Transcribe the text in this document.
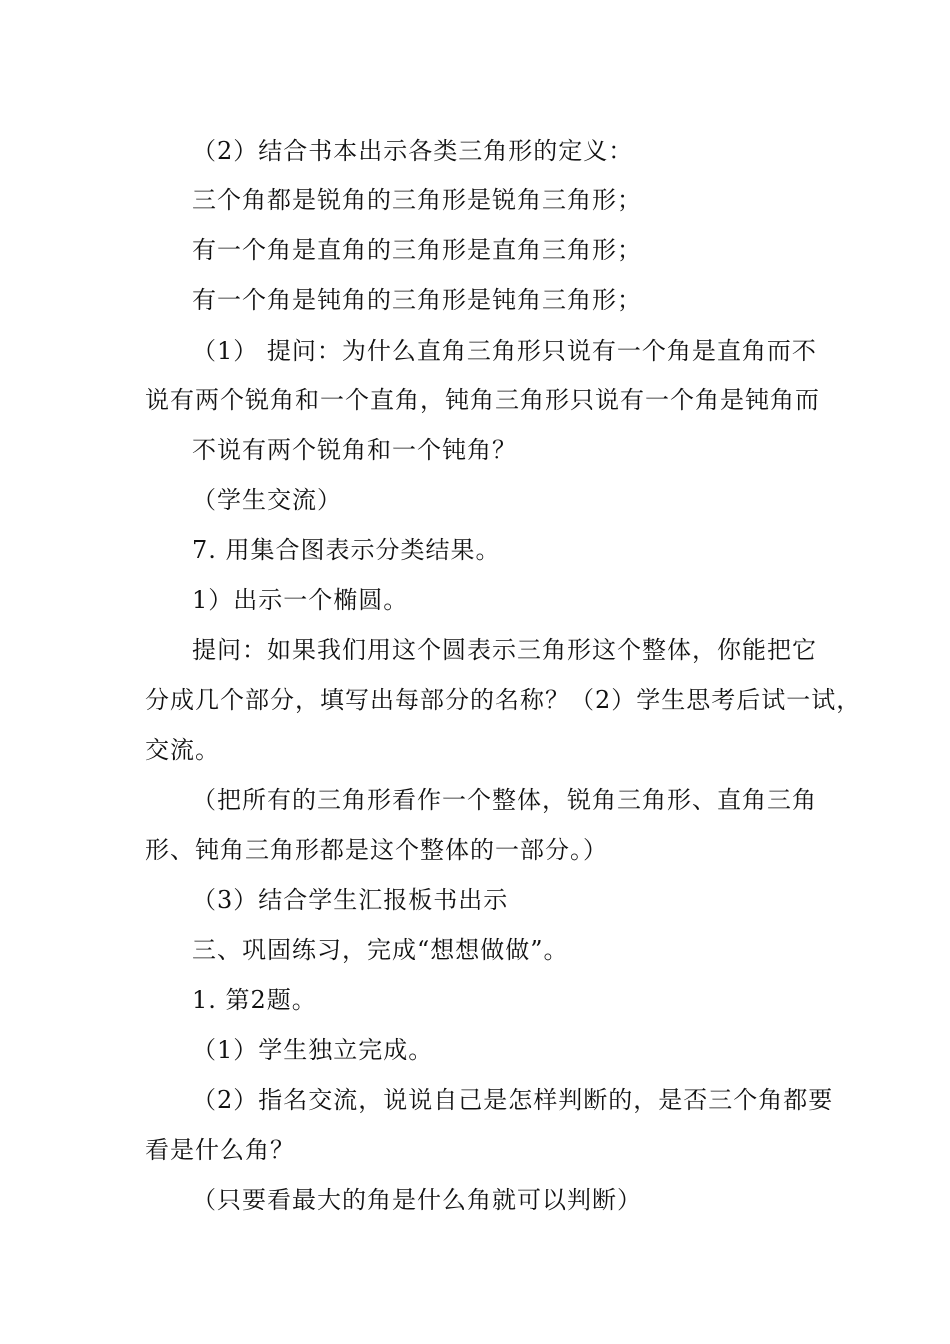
（2）结合书本出示各类三角形的定义：
三个角都是锐角的三角形是锐角三角形；
有一个角是直角的三角形是直角三角形；
有一个角是钝角的三角形是钝角三角形；
（1） 提问：为什么直角三角形只说有一个角是直角而不
说有两个锐角和一个直角，钝角三角形只说有一个角是钝角而
不说有两个锐角和一个钝角？
（学生交流）
7. 用集合图表示分类结果。
1）出示一个椭圆。
提问：如果我们用这个圆表示三角形这个整体，你能把它
分成几个部分，填写出每部分的名称？（2）学生思考后试一试，
交流。
（把所有的三角形看作一个整体，锐角三角形、直角三角
形、钝角三角形都是这个整体的一部分。）
（3）结合学生汇报板书出示
三、巩固练习，完成“想想做做”。
1. 第2题。
（1）学生独立完成。
（2）指名交流，说说自己是怎样判断的，是否三个角都要
看是什么角？
（只要看最大的角是什么角就可以判断）
